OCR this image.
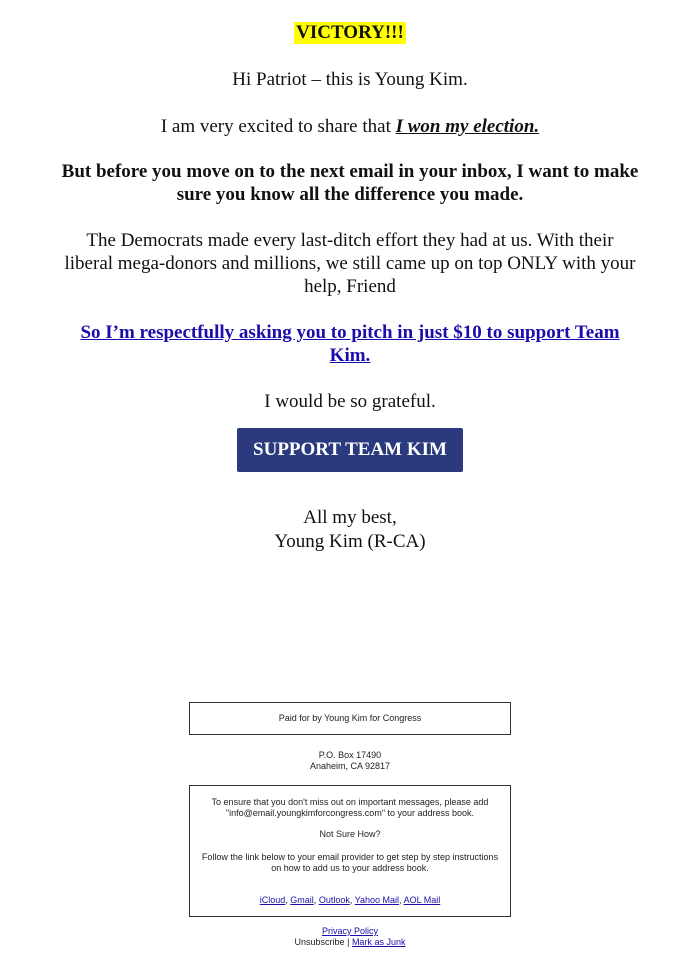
VICTORY!!!

Hi Patriot – this is Young Kim.

I am very excited to share that I won my election.

But before you move on to the next email in your inbox, I want to make sure you know all the difference you made.

The Democrats made every last-ditch effort they had at us. With their liberal mega-donors and millions, we still came up on top ONLY with your help, Friend

So I’m respectfully asking you to pitch in just $10 to support Team Kim.

I would be so grateful.

SUPPORT TEAM KIM

All my best,
Young Kim (R-CA)

Paid for by Young Kim for Congress
P.O. Box 17490
Anaheim, CA 92817
To ensure that you don't miss out on important messages, please add "info@email.youngkimforcongress.com" to your address book.
Not Sure How?
Follow the link below to your email provider to get step by step instructions on how to add us to your address book.
iCloud, Gmail, Outlook, Yahoo Mail, AOL Mail
Privacy Policy
Unsubscribe | Mark as Junk
